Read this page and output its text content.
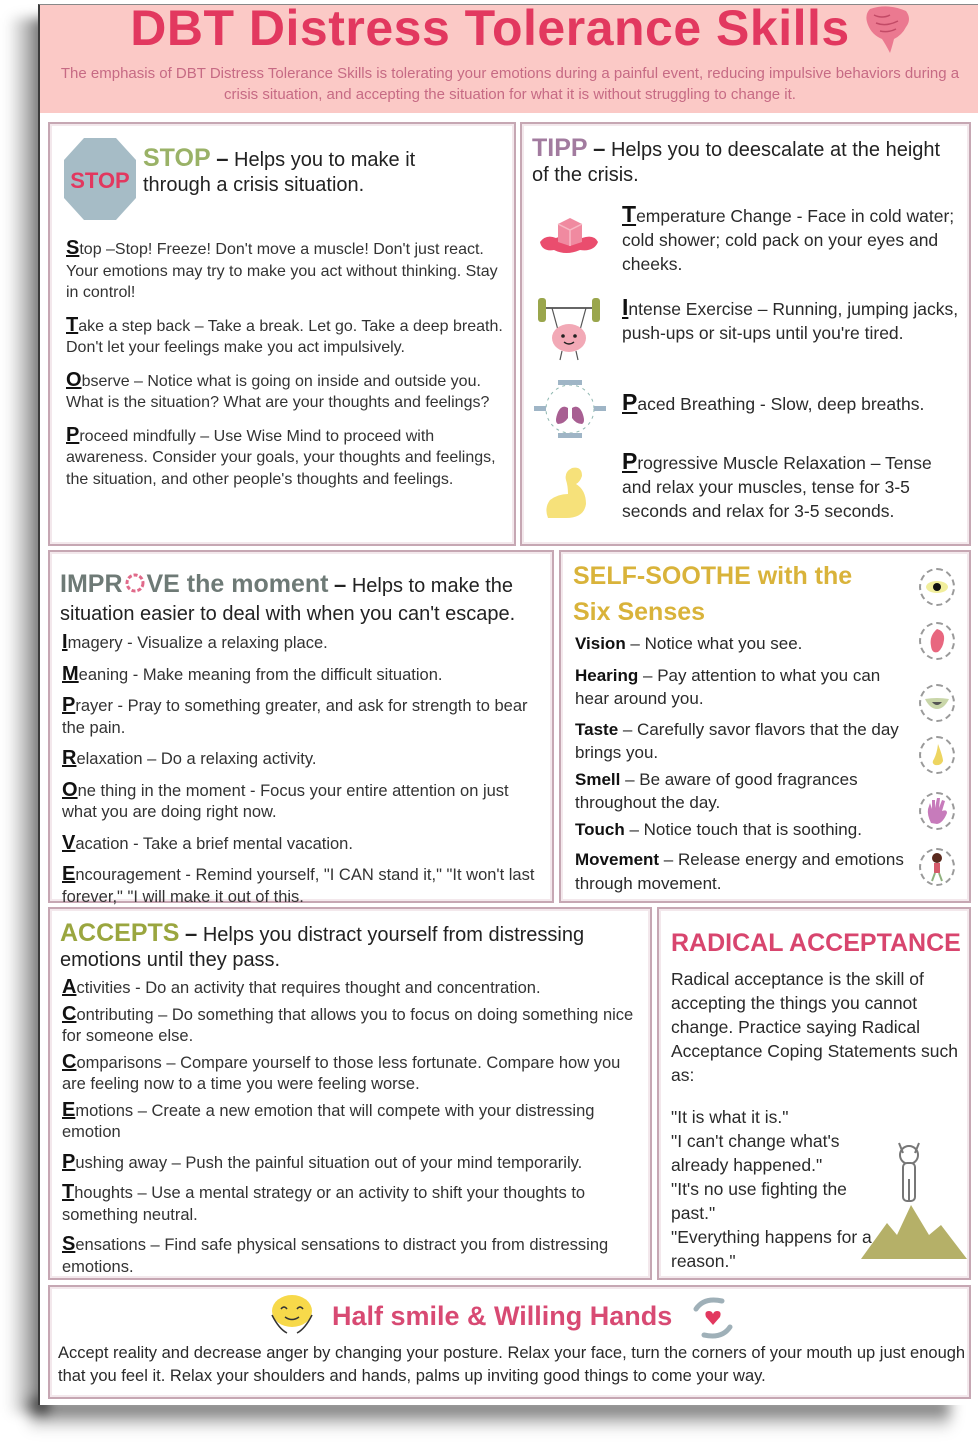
DBT Distress Tolerance Skills
The emphasis of DBT Distress Tolerance Skills is tolerating your emotions during a painful event, reducing impulsive behaviors during a crisis situation, and accepting the situation for what it is without struggling to change it.
STOP
STOP – Helps you to make it through a crisis situation.
Stop –Stop! Freeze! Don't move a muscle! Don't just react. Your emotions may try to make you act without thinking. Stay in control!
Take a step back – Take a break. Let go. Take a deep breath. Don't let your feelings make you act impulsively.
Observe – Notice what is going on inside and outside you. What is the situation? What are your thoughts and feelings?
Proceed mindfully – Use Wise Mind to proceed with awareness. Consider your goals, your thoughts and feelings, the situation, and other people's thoughts and feelings.
TIPP – Helps you to deescalate at the height of the crisis.
Temperature Change - Face in cold water; cold shower; cold pack on your eyes and cheeks.
Intense Exercise – Running, jumping jacks, push-ups or sit-ups until you're tired.
Paced Breathing - Slow, deep breaths.
Progressive Muscle Relaxation – Tense and relax your muscles, tense for 3-5 seconds and relax for 3-5 seconds.
IMPR VE the moment – Helps to make the
situation easier to deal with when you can't escape.
Imagery - Visualize a relaxing place.
Meaning - Make meaning from the difficult situation.
Prayer - Pray to something greater, and ask for strength to bear the pain.
Relaxation – Do a relaxing activity.
One thing in the moment - Focus your entire attention on just what you are doing right now.
Vacation - Take a brief mental vacation.
Encouragement - Remind yourself, "I CAN stand it," "It won't last forever," "I will make it out of this.
SELF-SOOTHE with the
Six Senses
Vision – Notice what you see.
Hearing – Pay attention to what you can hear around you.
Taste – Carefully savor flavors that the day brings you.
Smell – Be aware of good fragrances throughout the day.
Touch – Notice touch that is soothing.
Movement – Release energy and emotions through movement.
ACCEPTS – Helps you distract yourself from distressing emotions until they pass.
Activities - Do an activity that requires thought and concentration.
Contributing – Do something that allows you to focus on doing something nice for someone else.
Comparisons – Compare yourself to those less fortunate. Compare how you are feeling now to a time you were feeling worse.
Emotions – Create a new emotion that will compete with your distressing emotion
Pushing away – Push the painful situation out of your mind temporarily.
Thoughts – Use a mental strategy or an activity to shift your thoughts to something neutral.
Sensations – Find safe physical sensations to distract you from distressing emotions.
RADICAL ACCEPTANCE
Radical acceptance is the skill of accepting the things you cannot change. Practice saying Radical Acceptance Coping Statements such as:
"It is what it is."
"I can't change what's already happened."
"It's no use fighting the past."
"Everything happens for a reason."
Half smile & Willing Hands
Accept reality and decrease anger by changing your posture. Relax your face, turn the corners of your mouth up just enough that you feel it. Relax your shoulders and hands, palms up inviting good things to come your way.
